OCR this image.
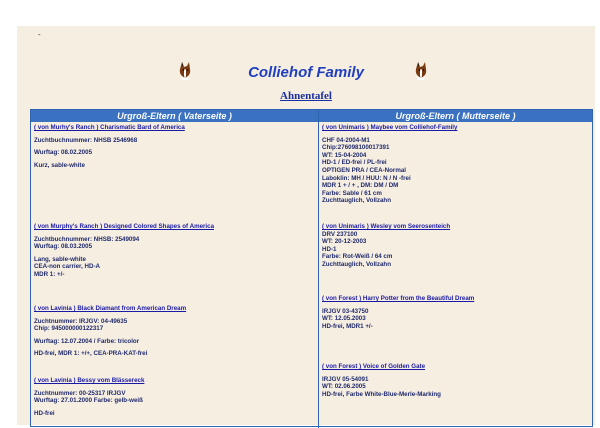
-
Colliehof Family
Ahnentafel
Urgroß-Eltern ( Vaterseite )
( von Murhy's Ranch ) Charismatic Bard of America
Zuchtbuchnummer: NHSB 2546968
Wurftag: 08.02.2005
Kurz, sable-white
( von Murphy's Ranch ) Designed Colored Shapes of America
Zuchtbuchnummer: NHSB: 2549094
Wurftag: 08.03.2005
Lang, sable-white
CEA-non carrier, HD-A
MDR 1: +/-
( von Lavinia ) Black Diamant from American Dream
Zuchtnummer: IRJGV: 04-49635
Chip: 945000000122317
Wurftag: 12.07.2004 / Farbe: tricolor
HD-frei, MDR 1: +/+, CEA-PRA-KAT-frei
( von Lavinia ) Bessy vom Blässereck
Zuchtnummer: 00-25317 IRJGV
Wurftag: 27.01.2000 Farbe: gelb-weiß
HD-frei
Urgroß-Eltern ( Mutterseite )
( von Unimaris ) Maybee vom Colliehof-Family
CHF 04-2004-M1
Chip:276098100017391
WT: 15-04-2004
HD-1 / ED-frei / PL-frei
OPTIGEN PRA / CEA-Normal
Laboklin: MH / HUU: N / N -frei
MDR 1 + / + , DM: DM / DM
Farbe: Sable / 61 cm
Zuchttauglich, Vollzahn
( von Unimaris ) Wesley vom Seerosenteich
DRV 237100
WT: 20-12-2003
HD-1
Farbe: Rot-Weiß / 64 cm
Zuchttauglich, Vollzahn
( von Forest ) Harry Potter from the Beautiful Dream
IRJGV 03-43750
WT: 12.05.2003
HD-frei, MDR1 +/-
( von Forest ) Voice of Golden Gate
IRJGV 05-54091
WT: 02.06.2005
HD-frei, Farbe White-Blue-Merle-Marking
